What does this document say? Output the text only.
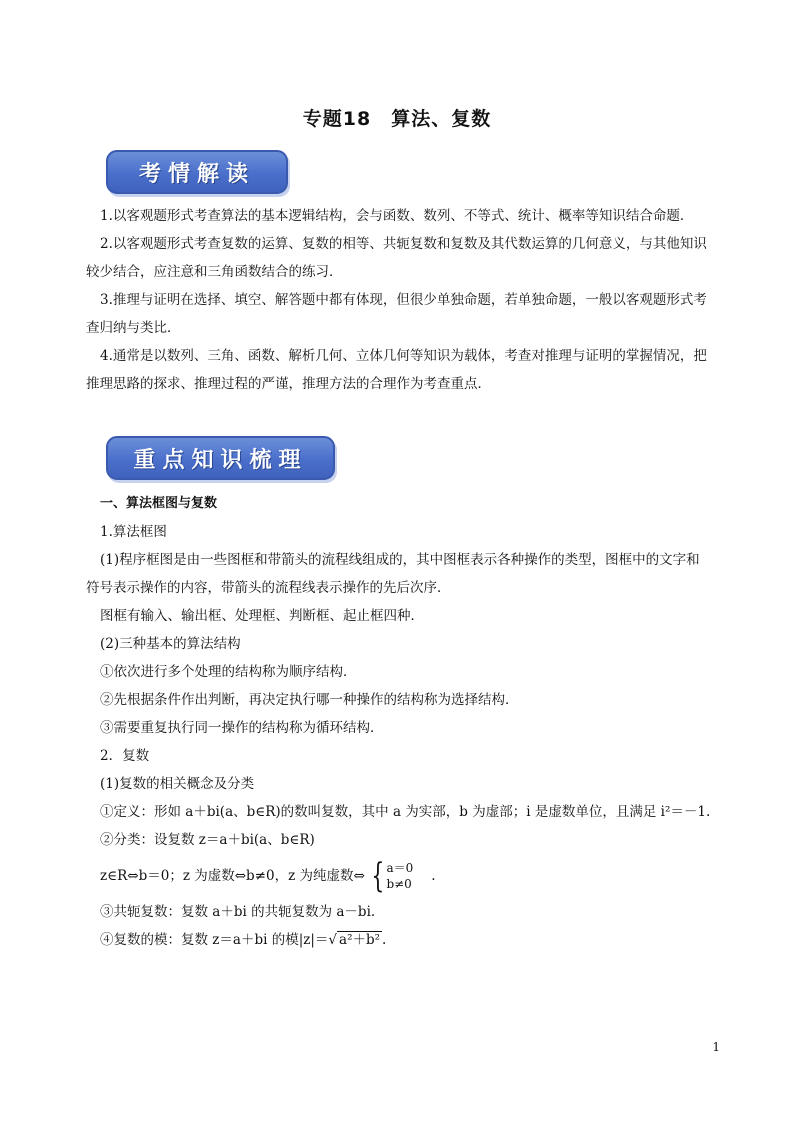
专题18　算法、复数
考情解读

1.以客观题形式考查算法的基本逻辑结构，会与函数、数列、不等式、统计、概率等知识结合命题．

2.以客观题形式考查复数的运算、复数的相等、共轭复数和复数及其代数运算的几何意义，与其他知识

较少结合，应注意和三角函数结合的练习．

3.推理与证明在选择、填空、解答题中都有体现，但很少单独命题，若单独命题，一般以客观题形式考

查归纳与类比．

4.通常是以数列、三角、函数、解析几何、立体几何等知识为载体，考查对推理与证明的掌握情况，把

推理思路的探求、推理过程的严谨，推理方法的合理作为考查重点．

重点知识梳理

一、算法框图与复数

1.算法框图

(1)程序框图是由一些图框和带箭头的流程线组成的，其中图框表示各种操作的类型，图框中的文字和

符号表示操作的内容，带箭头的流程线表示操作的先后次序．

图框有输入、输出框、处理框、判断框、起止框四种．

(2)三种基本的算法结构

①依次进行多个处理的结构称为顺序结构．

②先根据条件作出判断，再决定执行哪一种操作的结构称为选择结构．

③需要重复执行同一操作的结构称为循环结构．

2．复数

(1)复数的相关概念及分类

①定义：形如 a＋bi(a、b∈R)的数叫复数，其中 a 为实部，b 为虚部；i 是虚数单位，且满足 i²＝－1.

②分类：设复数 z＝a＋bi(a、b∈R)

z∈R⇔b＝0；z 为虚数⇔b≠0，z 为纯虚数⇔ { a＝0
b≠0 .

③共轭复数：复数 a＋bi 的共轭复数为 a－bi.

④复数的模：复数 z＝a＋bi 的模|z|＝√ a²＋b² .

1
